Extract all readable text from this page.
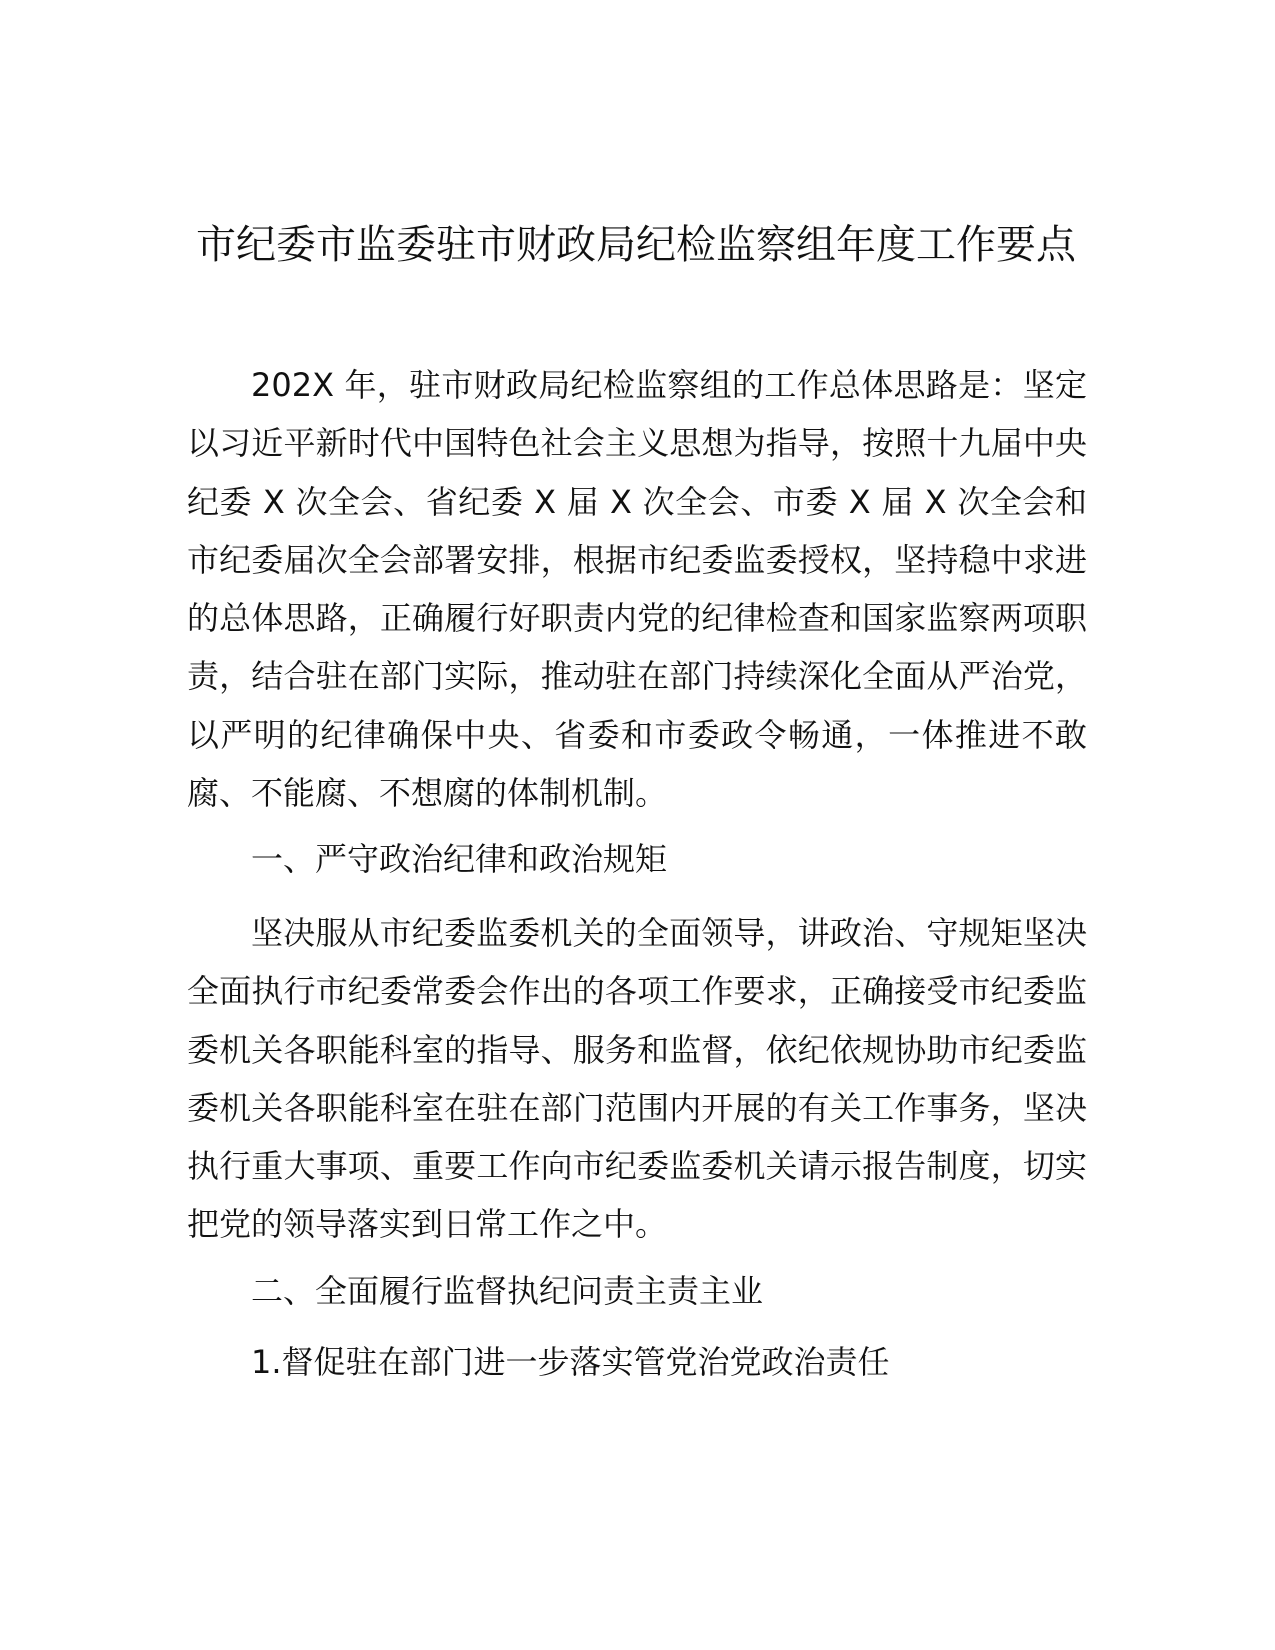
市纪委市监委驻市财政局纪检监察组年度工作要点

202X 年，驻市财政局纪检监察组的工作总体思路是：坚定以习近平新时代中国特色社会主义思想为指导，按照十九届中央纪委 X 次全会、省纪委 X 届 X 次全会、市委 X 届 X 次全会和市纪委届次全会部署安排，根据市纪委监委授权，坚持稳中求进的总体思路，正确履行好职责内党的纪律检查和国家监察两项职责，结合驻在部门实际，推动驻在部门持续深化全面从严治党，以严明的纪律确保中央、省委和市委政令畅通，一体推进不敢腐、不能腐、不想腐的体制机制。

一、严守政治纪律和政治规矩

坚决服从市纪委监委机关的全面领导，讲政治、守规矩坚决全面执行市纪委常委会作出的各项工作要求，正确接受市纪委监委机关各职能科室的指导、服务和监督，依纪依规协助市纪委监委机关各职能科室在驻在部门范围内开展的有关工作事务，坚决执行重大事项、重要工作向市纪委监委机关请示报告制度，切实把党的领导落实到日常工作之中。

二、全面履行监督执纪问责主责主业

1.督促驻在部门进一步落实管党治党政治责任
